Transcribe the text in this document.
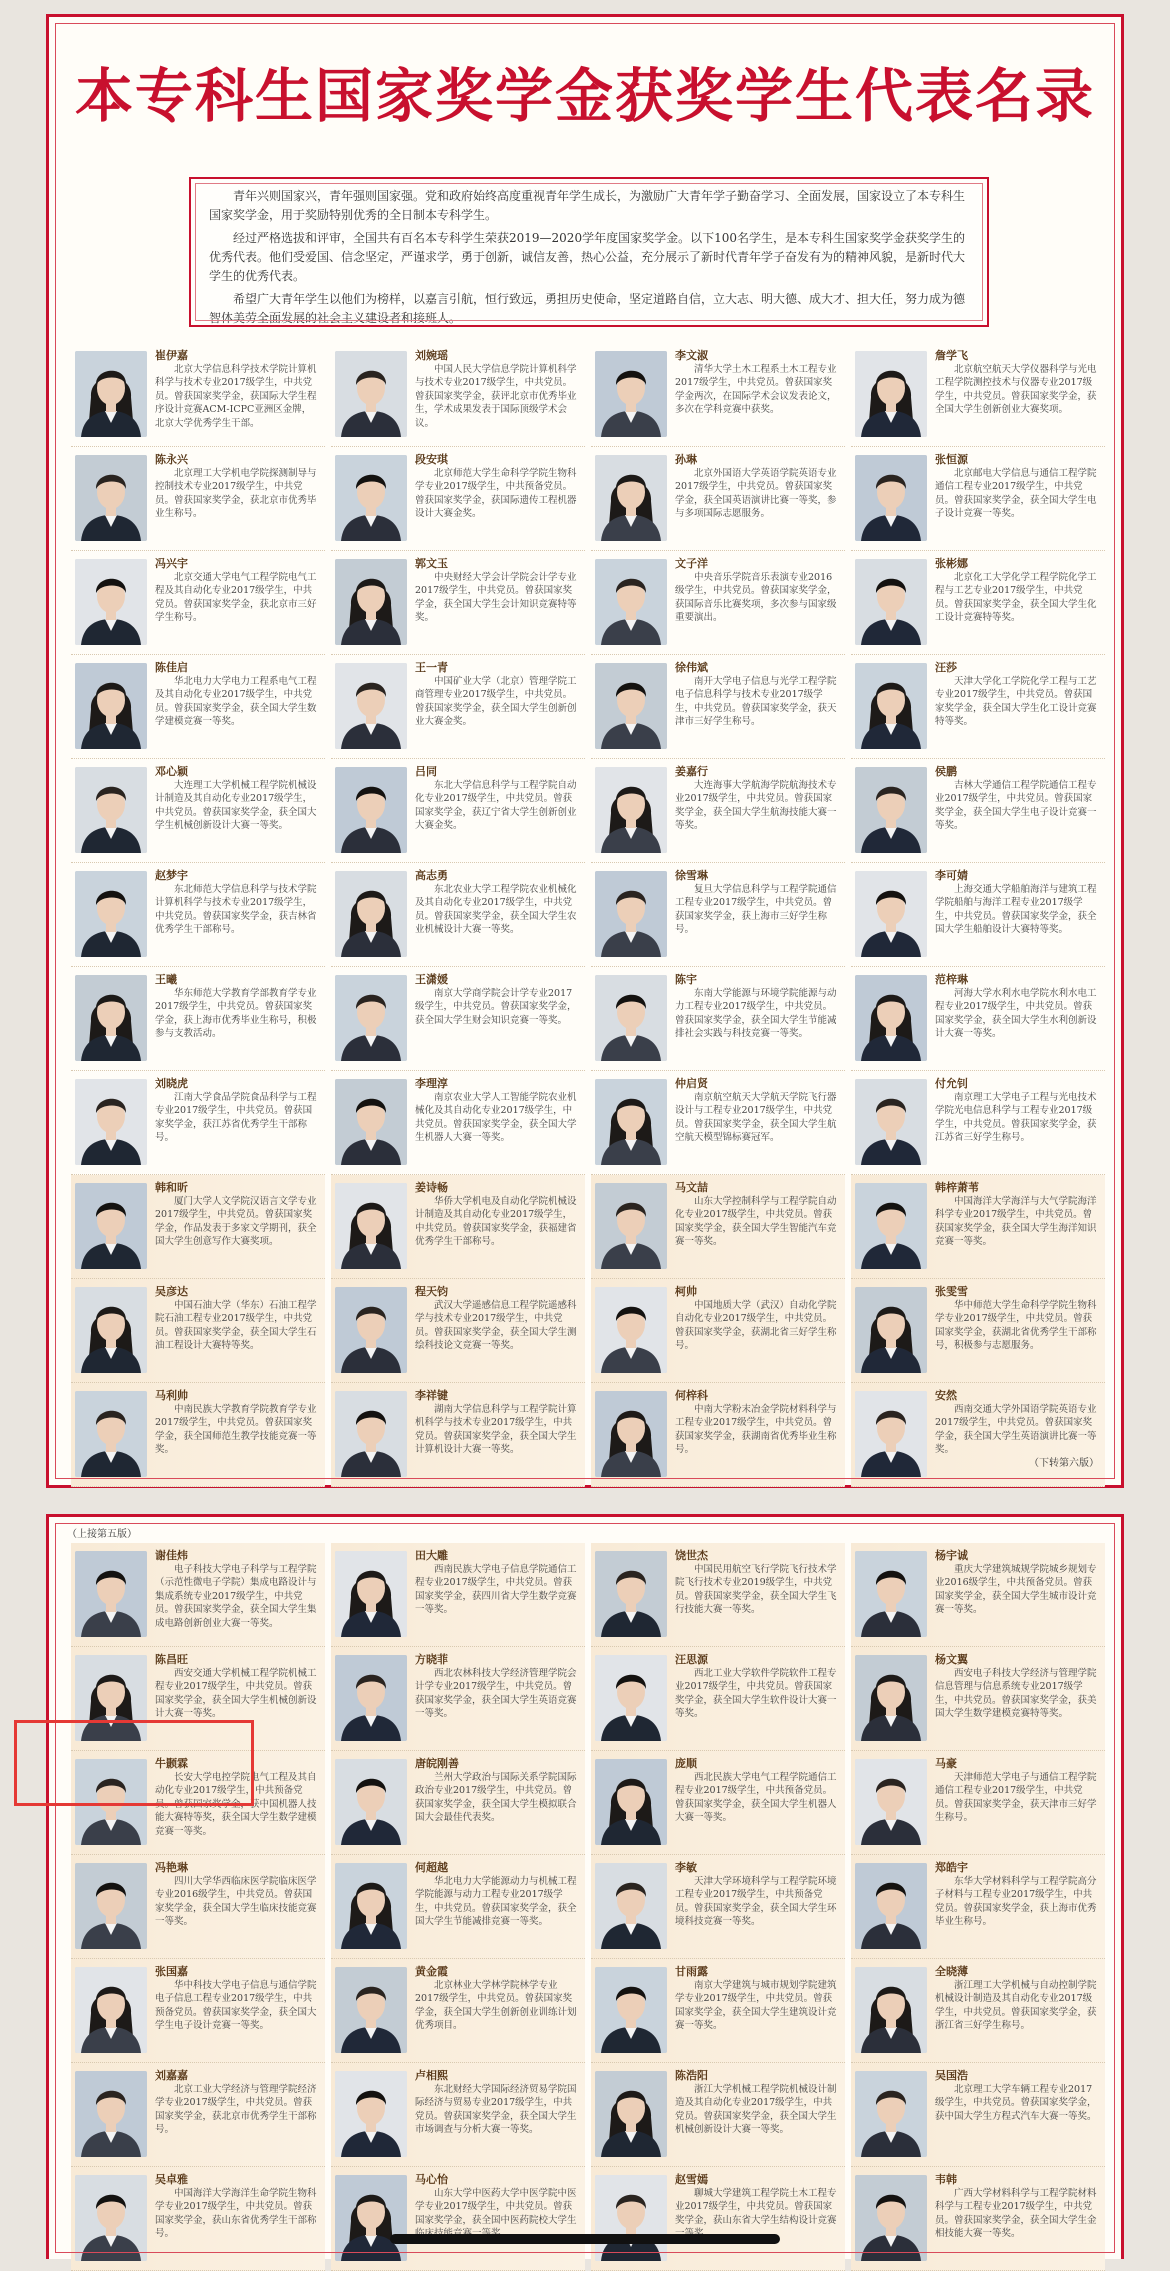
本专科生国家奖学金获奖学生代表名录

青年兴则国家兴，青年强则国家强。党和政府始终高度重视青年学生成长，为激励广大青年学子勤奋学习、全面发展，国家设立了本专科生国家奖学金，用于奖励特别优秀的全日制本专科学生。

经过严格选拔和评审，全国共有百名本专科学生荣获2019—2020学年度国家奖学金。以下100名学生，是本专科生国家奖学金获奖学生的优秀代表。他们受爱国、信念坚定，严谨求学，勇于创新，诚信友善，热心公益，充分展示了新时代青年学子奋发有为的精神风貌，是新时代大学生的优秀代表。

希望广大青年学生以他们为榜样，以嘉言引航，恒行致远，勇担历史使命，坚定道路自信，立大志、明大德、成大才、担大任，努力成为德智体美劳全面发展的社会主义建设者和接班人。

崔伊嘉
北京大学信息科学技术学院计算机科学与技术专业2017级学生，中共党员。曾获国家奖学金，获国际大学生程序设计竞赛ACM-ICPC亚洲区金牌，北京大学优秀学生干部。
刘婉瑶
中国人民大学信息学院计算机科学与技术专业2017级学生，中共党员。曾获国家奖学金，获评北京市优秀毕业生，学术成果发表于国际顶级学术会议。
李文淑
清华大学土木工程系土木工程专业2017级学生，中共党员。曾获国家奖学金两次，在国际学术会议发表论文，多次在学科竞赛中获奖。
詹学飞
北京航空航天大学仪器科学与光电工程学院测控技术与仪器专业2017级学生，中共党员。曾获国家奖学金，获全国大学生创新创业大赛奖项。
陈永兴
北京理工大学机电学院探测制导与控制技术专业2017级学生，中共党员。曾获国家奖学金，获北京市优秀毕业生称号。
段安琪
北京师范大学生命科学学院生物科学专业2017级学生，中共预备党员。曾获国家奖学金，获国际遗传工程机器设计大赛金奖。
孙琳
北京外国语大学英语学院英语专业2017级学生，中共党员。曾获国家奖学金，获全国英语演讲比赛一等奖，参与多项国际志愿服务。
张恒源
北京邮电大学信息与通信工程学院通信工程专业2017级学生，中共党员。曾获国家奖学金，获全国大学生电子设计竞赛一等奖。
冯兴宇
北京交通大学电气工程学院电气工程及其自动化专业2017级学生，中共党员。曾获国家奖学金，获北京市三好学生称号。
郭文玉
中央财经大学会计学院会计学专业2017级学生，中共党员。曾获国家奖学金，获全国大学生会计知识竞赛特等奖。
文子洋
中央音乐学院音乐表演专业2016级学生，中共党员。曾获国家奖学金，获国际音乐比赛奖项，多次参与国家级重要演出。
张彬娜
北京化工大学化学工程学院化学工程与工艺专业2017级学生，中共党员。曾获国家奖学金，获全国大学生化工设计竞赛特等奖。
陈佳启
华北电力大学电力工程系电气工程及其自动化专业2017级学生，中共党员。曾获国家奖学金，获全国大学生数学建模竞赛一等奖。
王一青
中国矿业大学（北京）管理学院工商管理专业2017级学生，中共党员。曾获国家奖学金，获全国大学生创新创业大赛金奖。
徐伟斌
南开大学电子信息与光学工程学院电子信息科学与技术专业2017级学生，中共党员。曾获国家奖学金，获天津市三好学生称号。
汪莎
天津大学化工学院化学工程与工艺专业2017级学生，中共党员。曾获国家奖学金，获全国大学生化工设计竞赛特等奖。
邓心颖
大连理工大学机械工程学院机械设计制造及其自动化专业2017级学生，中共党员。曾获国家奖学金，获全国大学生机械创新设计大赛一等奖。
吕同
东北大学信息科学与工程学院自动化专业2017级学生，中共党员。曾获国家奖学金，获辽宁省大学生创新创业大赛金奖。
姜嘉行
大连海事大学航海学院航海技术专业2017级学生，中共党员。曾获国家奖学金，获全国大学生航海技能大赛一等奖。
侯鹏
吉林大学通信工程学院通信工程专业2017级学生，中共党员。曾获国家奖学金，获全国大学生电子设计竞赛一等奖。
赵梦宇
东北师范大学信息科学与技术学院计算机科学与技术专业2017级学生，中共党员。曾获国家奖学金，获吉林省优秀学生干部称号。
高志勇
东北农业大学工程学院农业机械化及其自动化专业2017级学生，中共党员。曾获国家奖学金，获全国大学生农业机械设计大赛一等奖。
徐雪琳
复旦大学信息科学与工程学院通信工程专业2017级学生，中共党员。曾获国家奖学金，获上海市三好学生称号。
李可婧
上海交通大学船舶海洋与建筑工程学院船舶与海洋工程专业2017级学生，中共党员。曾获国家奖学金，获全国大学生船舶设计大赛特等奖。
王曦
华东师范大学教育学部教育学专业2017级学生，中共党员。曾获国家奖学金，获上海市优秀毕业生称号，积极参与支教活动。
王潇媛
南京大学商学院会计学专业2017级学生，中共党员。曾获国家奖学金，获全国大学生财会知识竞赛一等奖。
陈宇
东南大学能源与环境学院能源与动力工程专业2017级学生，中共党员。曾获国家奖学金，获全国大学生节能减排社会实践与科技竞赛一等奖。
范梓琳
河海大学水利水电学院水利水电工程专业2017级学生，中共党员。曾获国家奖学金，获全国大学生水利创新设计大赛一等奖。
刘晓虎
江南大学食品学院食品科学与工程专业2017级学生，中共党员。曾获国家奖学金，获江苏省优秀学生干部称号。
李理淳
南京农业大学人工智能学院农业机械化及其自动化专业2017级学生，中共党员。曾获国家奖学金，获全国大学生机器人大赛一等奖。
仲启贤
南京航空航天大学航天学院飞行器设计与工程专业2017级学生，中共党员。曾获国家奖学金，获全国大学生航空航天模型锦标赛冠军。
付允钊
南京理工大学电子工程与光电技术学院光电信息科学与工程专业2017级学生，中共党员。曾获国家奖学金，获江苏省三好学生称号。
韩和昕
厦门大学人文学院汉语言文学专业2017级学生，中共党员。曾获国家奖学金，作品发表于多家文学期刊，获全国大学生创意写作大赛奖项。
姜诗畅
华侨大学机电及自动化学院机械设计制造及其自动化专业2017级学生，中共党员。曾获国家奖学金，获福建省优秀学生干部称号。
马文喆
山东大学控制科学与工程学院自动化专业2017级学生，中共党员。曾获国家奖学金，获全国大学生智能汽车竞赛一等奖。
韩梓萧苇
中国海洋大学海洋与大气学院海洋科学专业2017级学生，中共党员。曾获国家奖学金，获全国大学生海洋知识竞赛一等奖。
吴彦达
中国石油大学（华东）石油工程学院石油工程专业2017级学生，中共党员。曾获国家奖学金，获全国大学生石油工程设计大赛特等奖。
程天钧
武汉大学遥感信息工程学院遥感科学与技术专业2017级学生，中共党员。曾获国家奖学金，获全国大学生测绘科技论文竞赛一等奖。
柯帅
中国地质大学（武汉）自动化学院自动化专业2017级学生，中共党员。曾获国家奖学金，获湖北省三好学生称号。
张雯雪
华中师范大学生命科学学院生物科学专业2017级学生，中共党员。曾获国家奖学金，获湖北省优秀学生干部称号，积极参与志愿服务。
马利帅
中南民族大学教育学院教育学专业2017级学生，中共党员。曾获国家奖学金，获全国师范生教学技能竞赛一等奖。
李祥键
湖南大学信息科学与工程学院计算机科学与技术专业2017级学生，中共党员。曾获国家奖学金，获全国大学生计算机设计大赛一等奖。
何梓科
中南大学粉末冶金学院材料科学与工程专业2017级学生，中共党员。曾获国家奖学金，获湖南省优秀毕业生称号。
安然
西南交通大学外国语学院英语专业2017级学生，中共党员。曾获国家奖学金，获全国大学生英语演讲比赛一等奖。
（下转第六版）
（上接第五版）
谢佳炜
电子科技大学电子科学与工程学院（示范性微电子学院）集成电路设计与集成系统专业2017级学生，中共党员。曾获国家奖学金，获全国大学生集成电路创新创业大赛一等奖。
田大雕
西南民族大学电子信息学院通信工程专业2017级学生，中共党员。曾获国家奖学金，获四川省大学生数学竞赛一等奖。
饶世杰
中国民用航空飞行学院飞行技术学院飞行技术专业2019级学生，中共党员。曾获国家奖学金，获全国大学生飞行技能大赛一等奖。
杨宇诚
重庆大学建筑城规学院城乡规划专业2016级学生，中共预备党员。曾获国家奖学金，获全国大学生城市设计竞赛一等奖。
陈昌旺
西安交通大学机械工程学院机械工程专业2017级学生，中共党员。曾获国家奖学金，获全国大学生机械创新设计大赛一等奖。
方晓菲
西北农林科技大学经济管理学院会计学专业2017级学生，中共党员。曾获国家奖学金，获全国大学生英语竞赛一等奖。
汪思源
西北工业大学软件学院软件工程专业2017级学生，中共党员。曾获国家奖学金，获全国大学生软件设计大赛一等奖。
杨文翼
西安电子科技大学经济与管理学院信息管理与信息系统专业2017级学生，中共党员。曾获国家奖学金，获美国大学生数学建模竞赛特等奖。
牛颢霖
长安大学电控学院电气工程及其自动化专业2017级学生，中共预备党员。曾获国家奖学金，获中国机器人技能大赛特等奖，获全国大学生数学建模竞赛一等奖。
唐皖刚善
兰州大学政治与国际关系学院国际政治专业2017级学生，中共党员。曾获国家奖学金，获全国大学生模拟联合国大会最佳代表奖。
庞顺
西北民族大学电气工程学院通信工程专业2017级学生，中共预备党员。曾获国家奖学金，获全国大学生机器人大赛一等奖。
马豪
天津师范大学电子与通信工程学院通信工程专业2017级学生，中共党员。曾获国家奖学金，获天津市三好学生称号。
冯艳琳
四川大学华西临床医学院临床医学专业2016级学生，中共党员。曾获国家奖学金，获全国大学生临床技能竞赛一等奖。
何超越
华北电力大学能源动力与机械工程学院能源与动力工程专业2017级学生，中共党员。曾获国家奖学金，获全国大学生节能减排竞赛一等奖。
李敏
天津大学环境科学与工程学院环境工程专业2017级学生，中共预备党员。曾获国家奖学金，获全国大学生环境科技竞赛一等奖。
郑皓宇
东华大学材料科学与工程学院高分子材料与工程专业2017级学生，中共党员。曾获国家奖学金，获上海市优秀毕业生称号。
张国嘉
华中科技大学电子信息与通信学院电子信息工程专业2017级学生，中共预备党员。曾获国家奖学金，获全国大学生电子设计竞赛一等奖。
黄金霞
北京林业大学林学院林学专业2017级学生，中共党员。曾获国家奖学金，获全国大学生创新创业训练计划优秀项目。
甘雨露
南京大学建筑与城市规划学院建筑学专业2017级学生，中共党员。曾获国家奖学金，获全国大学生建筑设计竞赛一等奖。
全晓薄
浙江理工大学机械与自动控制学院机械设计制造及其自动化专业2017级学生，中共党员。曾获国家奖学金，获浙江省三好学生称号。
刘嘉嘉
北京工业大学经济与管理学院经济学专业2017级学生，中共党员。曾获国家奖学金，获北京市优秀学生干部称号。
卢相熙
东北财经大学国际经济贸易学院国际经济与贸易专业2017级学生，中共党员。曾获国家奖学金，获全国大学生市场调查与分析大赛一等奖。
陈浩阳
浙江大学机械工程学院机械设计制造及其自动化专业2017级学生，中共党员。曾获国家奖学金，获全国大学生机械创新设计大赛一等奖。
吴国浩
北京理工大学车辆工程专业2017级学生，中共党员。曾获国家奖学金，获中国大学生方程式汽车大赛一等奖。
吴卓雅
中国海洋大学海洋生命学院生物科学专业2017级学生，中共党员。曾获国家奖学金，获山东省优秀学生干部称号。
马心怡
山东大学中医药大学中医学院中医学专业2017级学生，中共党员。曾获国家奖学金，获全国中医药院校大学生
赵雪嫣
聊城大学建筑工程学院土木工程专业2017级学生，中共党员。曾获国家奖学金，获山东省大学生结构设计竞赛
韦韩
广西大学材料科学与工程学院材料科学与工程专业2017级学生，中共党员。曾获国家奖学金，获全国大学生金相技能大赛一等奖。
